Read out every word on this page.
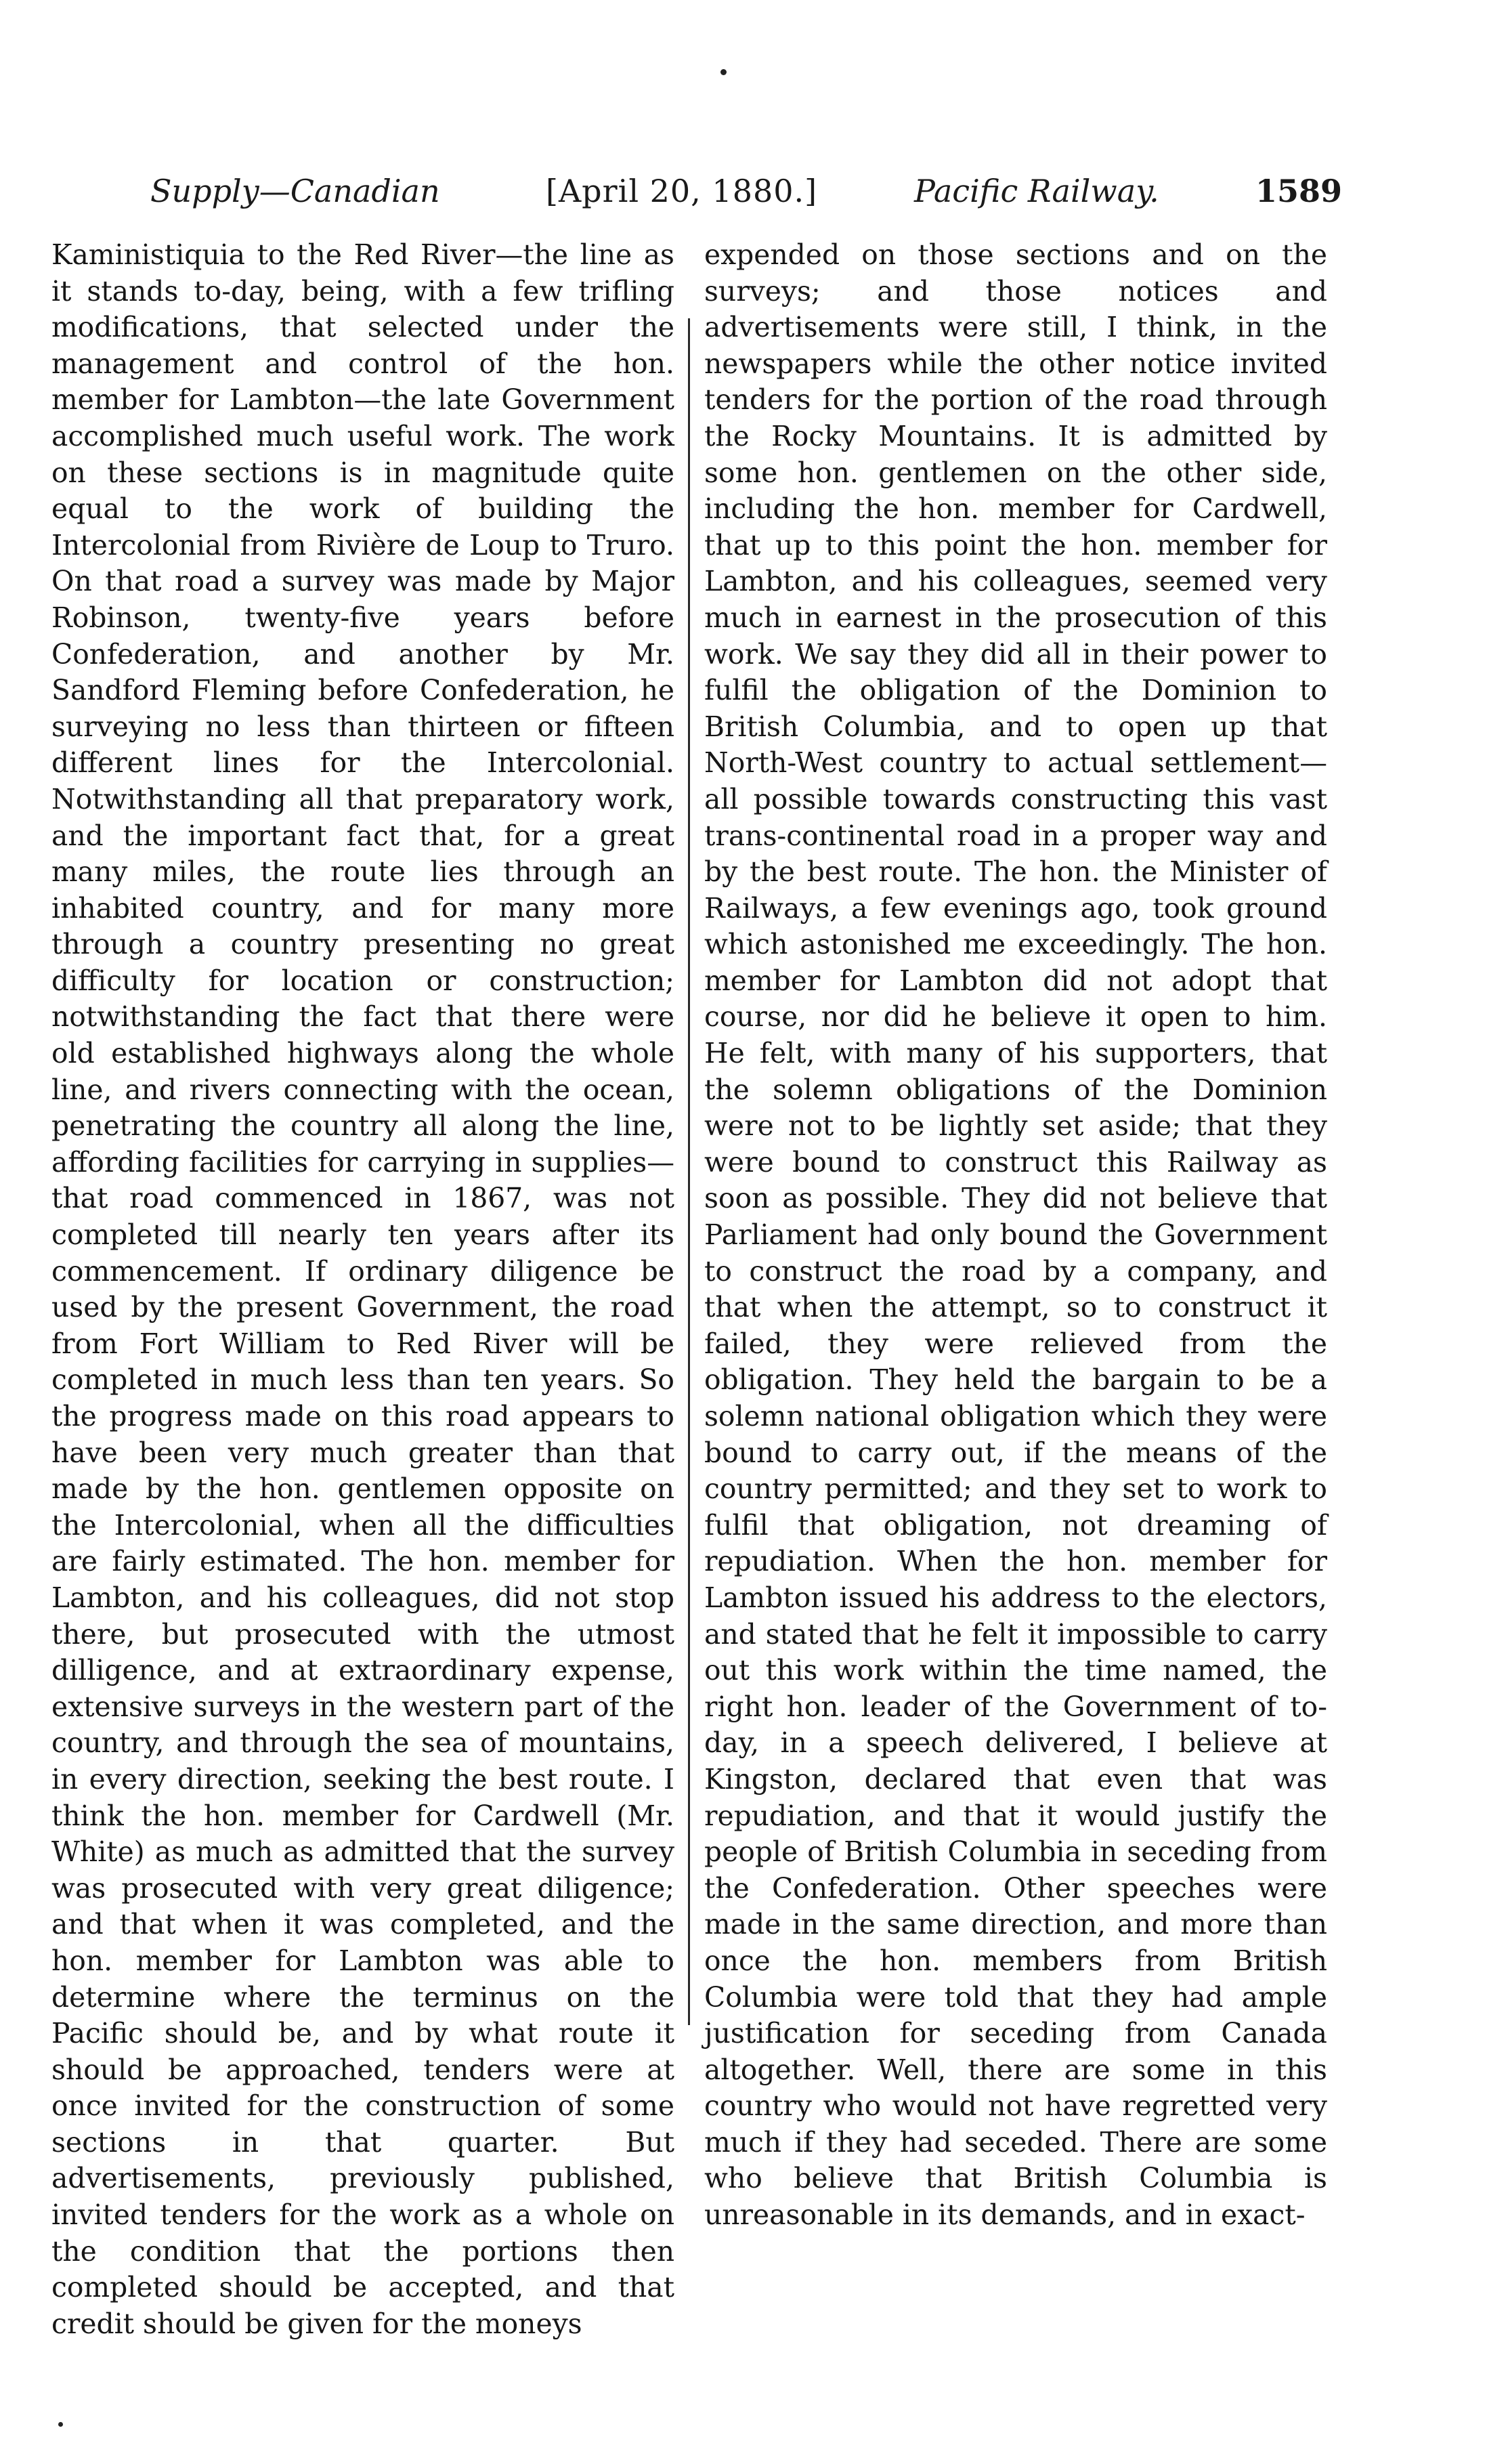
Supply—Canadian	[April 20, 1880.]	Pacific Railway.	1589
Kaministiquia to the Red River—the line as it stands to-day, being, with a few trifling modifications, that selected under the management and control of the hon. member for Lambton—the late Government accomplished much useful work. The work on these sections is in magnitude quite equal to the work of building the Intercolonial from Rivière de Loup to Truro. On that road a survey was made by Major Robinson, twenty-five years before Confederation, and another by Mr. Sandford Fleming before Confederation, he surveying no less than thirteen or fifteen different lines for the Intercolonial. Notwithstanding all that preparatory work, and the important fact that, for a great many miles, the route lies through an inhabited country, and for many more through a country presenting no great difficulty for location or construction; notwithstanding the fact that there were old established highways along the whole line, and rivers connecting with the ocean, penetrating the country all along the line, affording facilities for carrying in supplies—that road commenced in 1867, was not completed till nearly ten years after its commencement. If ordinary diligence be used by the present Government, the road from Fort William to Red River will be completed in much less than ten years. So the progress made on this road appears to have been very much greater than that made by the hon. gentlemen opposite on the Intercolonial, when all the difficulties are fairly estimated. The hon. member for Lambton, and his colleagues, did not stop there, but prosecuted with the utmost dilligence, and at extraordinary expense, extensive surveys in the western part of the country, and through the sea of mountains, in every direction, seeking the best route. I think the hon. member for Cardwell (Mr. White) as much as admitted that the survey was prosecuted with very great diligence; and that when it was completed, and the hon. member for Lambton was able to determine where the terminus on the Pacific should be, and by what route it should be approached, tenders were at once invited for the construction of some sections in that quarter. But advertisements, previously published, invited tenders for the work as a whole on the condition that the portions then completed should be accepted, and that credit should be given for the moneys
expended on those sections and on the surveys; and those notices and advertisements were still, I think, in the newspapers while the other notice invited tenders for the portion of the road through the Rocky Mountains. It is admitted by some hon. gentlemen on the other side, including the hon. member for Cardwell, that up to this point the hon. member for Lambton, and his colleagues, seemed very much in earnest in the prosecution of this work. We say they did all in their power to fulfil the obligation of the Dominion to British Columbia, and to open up that North-West country to actual settlement—all possible towards constructing this vast trans-continental road in a proper way and by the best route. The hon. the Minister of Railways, a few evenings ago, took ground which astonished me exceedingly. The hon. member for Lambton did not adopt that course, nor did he believe it open to him. He felt, with many of his supporters, that the solemn obligations of the Dominion were not to be lightly set aside; that they were bound to construct this Railway as soon as possible. They did not believe that Parliament had only bound the Government to construct the road by a company, and that when the attempt, so to construct it failed, they were relieved from the obligation. They held the bargain to be a solemn national obligation which they were bound to carry out, if the means of the country permitted; and they set to work to fulfil that obligation, not dreaming of repudiation. When the hon. member for Lambton issued his address to the electors, and stated that he felt it impossible to carry out this work within the time named, the right hon. leader of the Government of to-day, in a speech delivered, I believe at Kingston, declared that even that was repudiation, and that it would justify the people of British Columbia in seceding from the Confederation. Other speeches were made in the same direction, and more than once the hon. members from British Columbia were told that they had ample justification for seceding from Canada altogether. Well, there are some in this country who would not have regretted very much if they had seceded. There are some who believe that British Columbia is unreasonable in its demands, and in exact-
